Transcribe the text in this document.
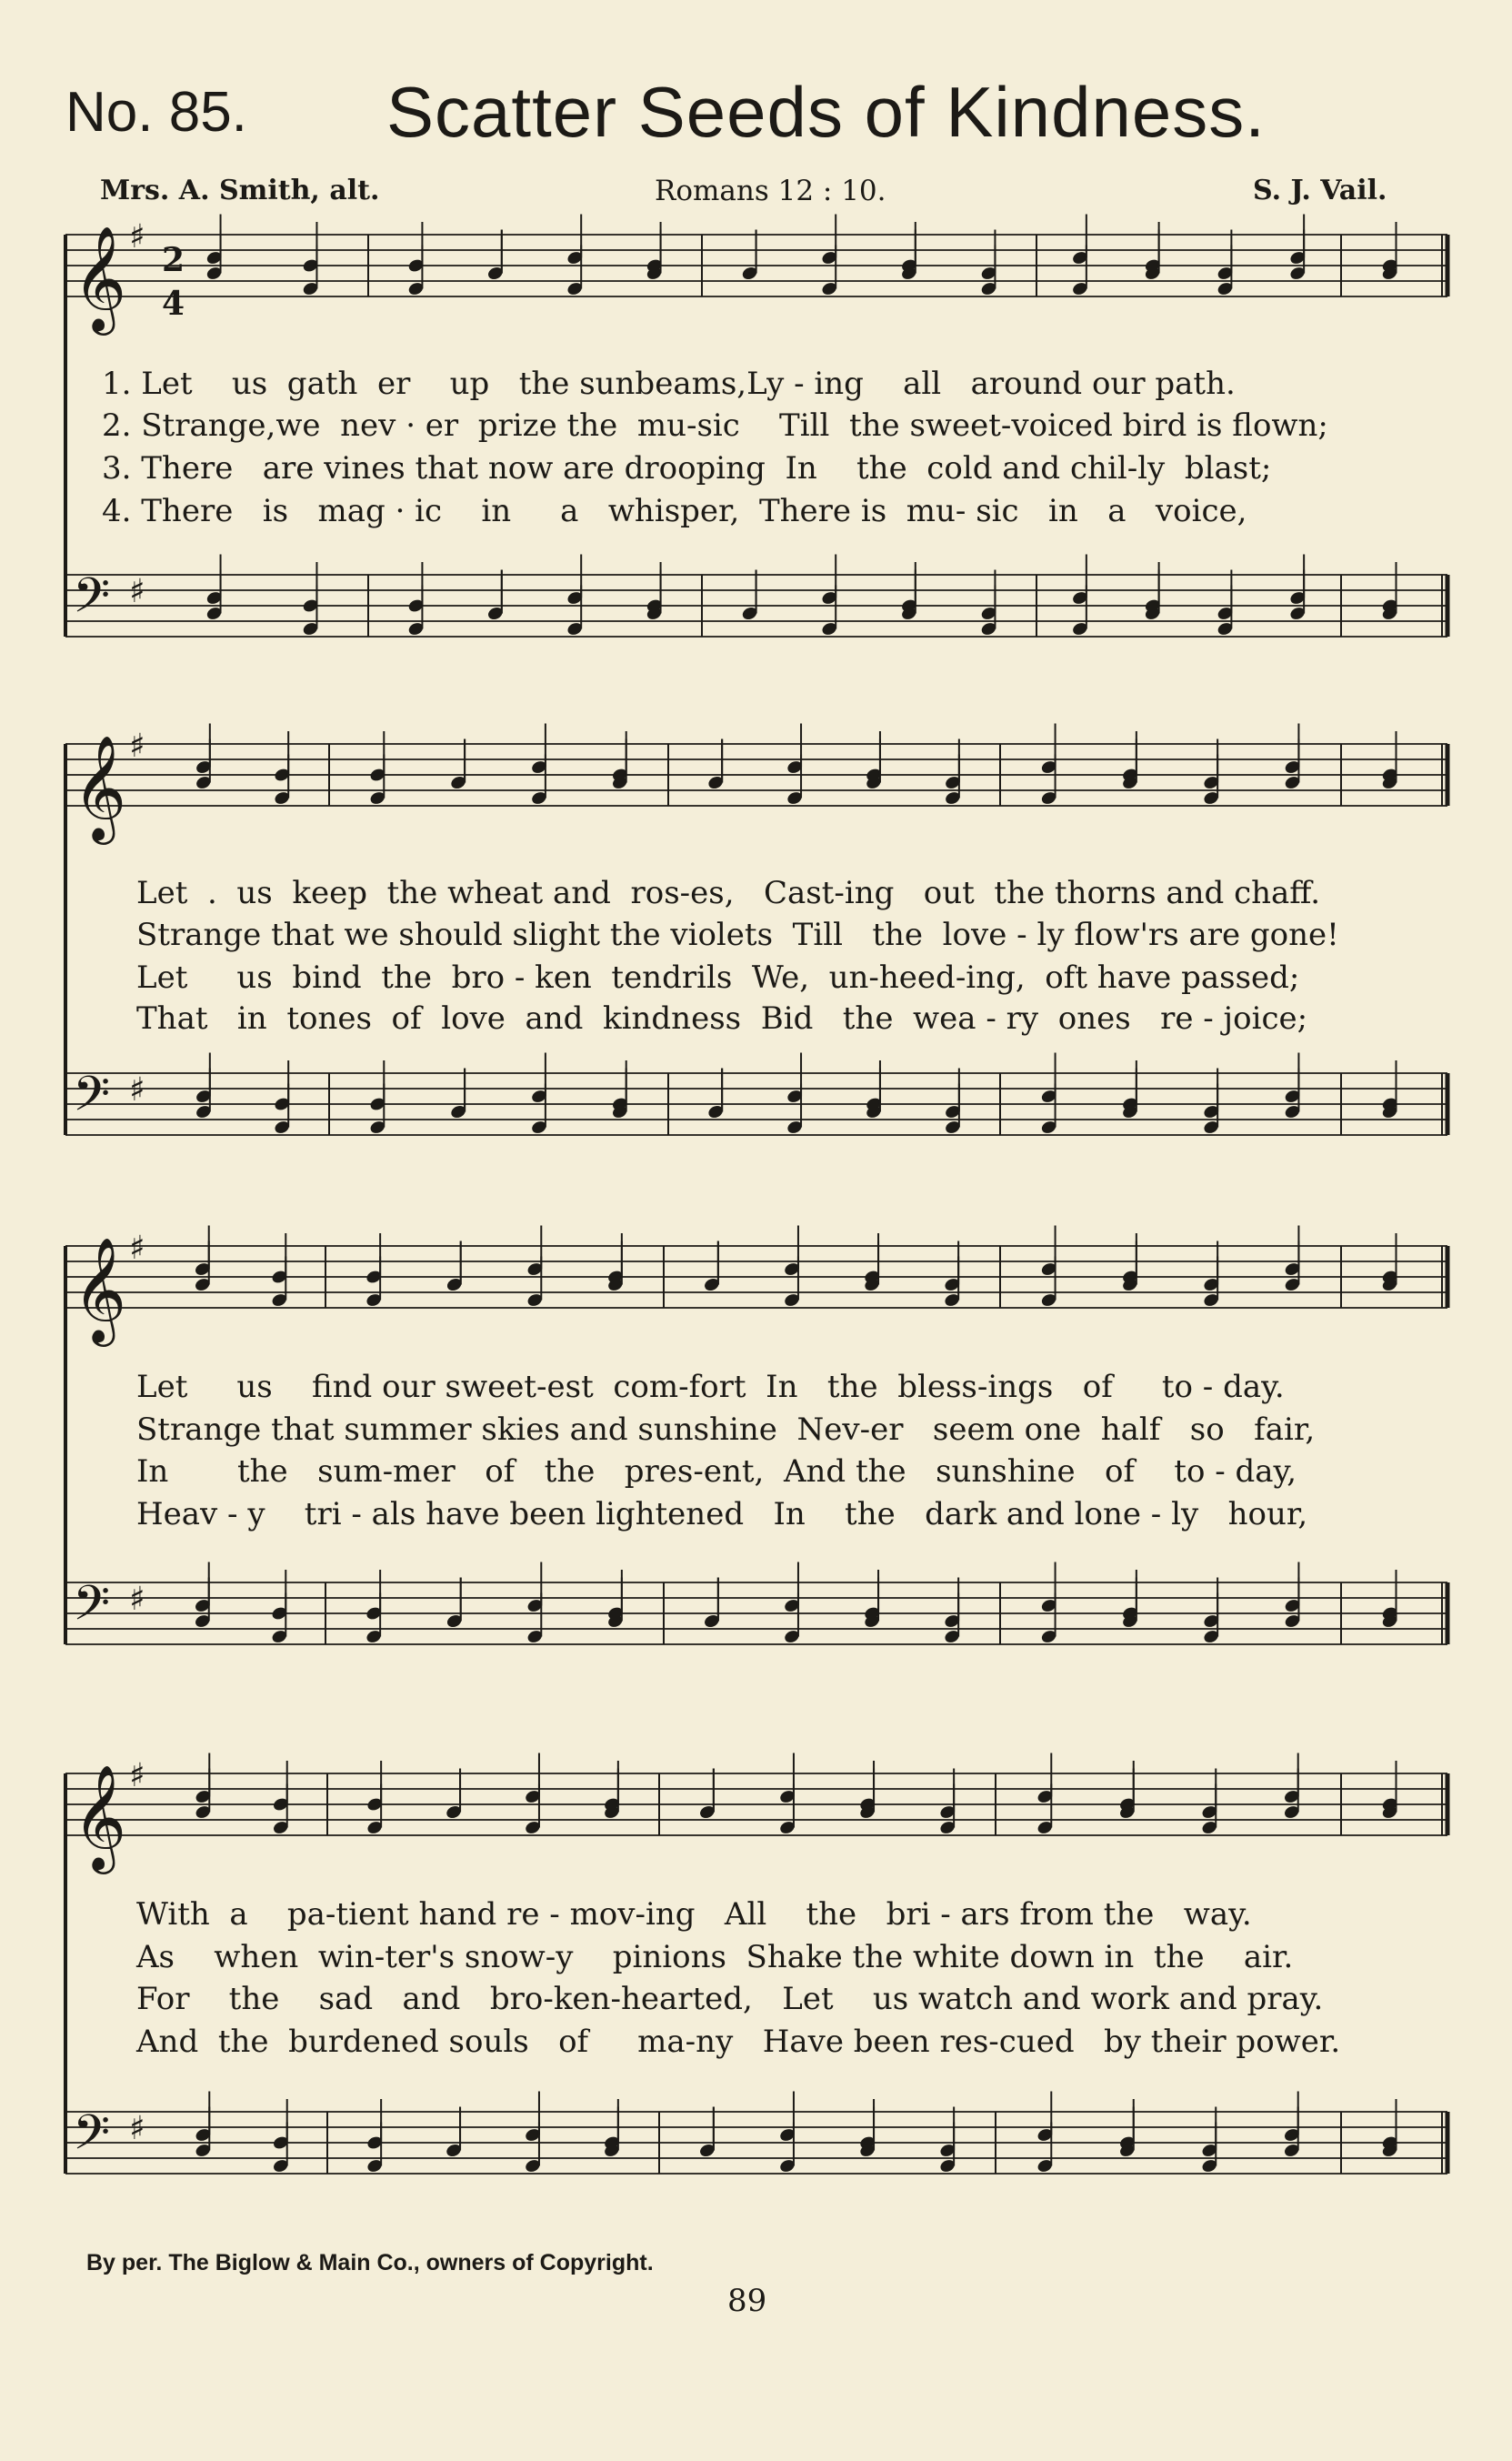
No. 85. Scatter Seeds of Kindness.
Mrs. A. Smith, alt.	Romans 12 : 10.	S. J. Vail.
2
4
𝄞 ♯
𝄞 ♯
𝄞 ♯
𝄞 ♯
𝄢 ♯
𝄢 ♯
𝄢 ♯
𝄢 ♯
1. Let    us  gath  er    up   the sunbeams,Ly - ing    all   around our path.
2. Strange,we  nev · er  prize the  mu-sic    Till  the sweet-voiced bird is flown;
3. There   are vines that now are drooping  In    the  cold and chil-ly  blast;
4. There   is   mag · ic    in     a   whisper,  There is  mu- sic   in   a   voice,
Let  .  us  keep  the wheat and  ros-es,   Cast-ing   out  the thorns and chaff.
Strange that we should slight the violets  Till   the  love - ly flow'rs are gone!
Let     us  bind  the  bro - ken  tendrils  We,  un-heed-ing,  oft have passed;
That   in  tones  of  love  and  kindness  Bid   the  wea - ry  ones   re - joice;
Let     us    find our sweet-est  com-fort  In   the  bless-ings   of     to - day.
Strange that summer skies and sunshine  Nev-er   seem one  half   so   fair,
In       the   sum-mer   of   the   pres-ent,  And the   sunshine   of    to - day,
Heav - y    tri - als have been lightened   In    the   dark and lone - ly   hour,
With  a    pa-tient hand re - mov-ing   All    the   bri - ars from the   way.
As    when  win-ter's snow-y    pinions  Shake the white down in  the    air.
For    the    sad   and   bro-ken-hearted,   Let    us watch and work and pray.
And  the  burdened souls   of     ma-ny   Have been res-cued   by their power.
By per. The Biglow & Main Co., owners of Copyright.
89
